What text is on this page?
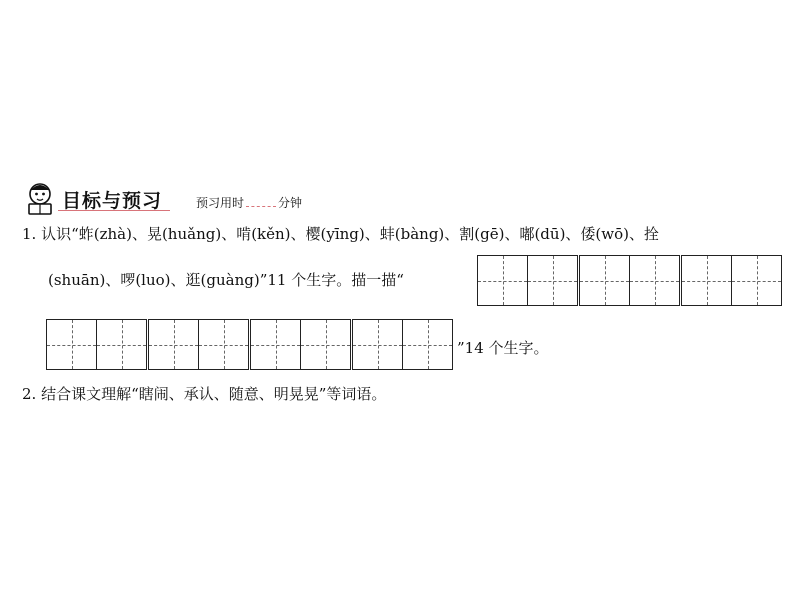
目标与预习	预习用时	分钟
1. 认识“蚱(zhà)、晃(huǎng)、啃(kěn)、樱(yīng)、蚌(bàng)、割(gē)、嘟(dū)、倭(wō)、拴
(shuān)、啰(luo)、逛(guàng)”11 个生字。描一描“
”14 个生字。
2. 结合课文理解“瞎闹、承认、随意、明晃晃”等词语。
